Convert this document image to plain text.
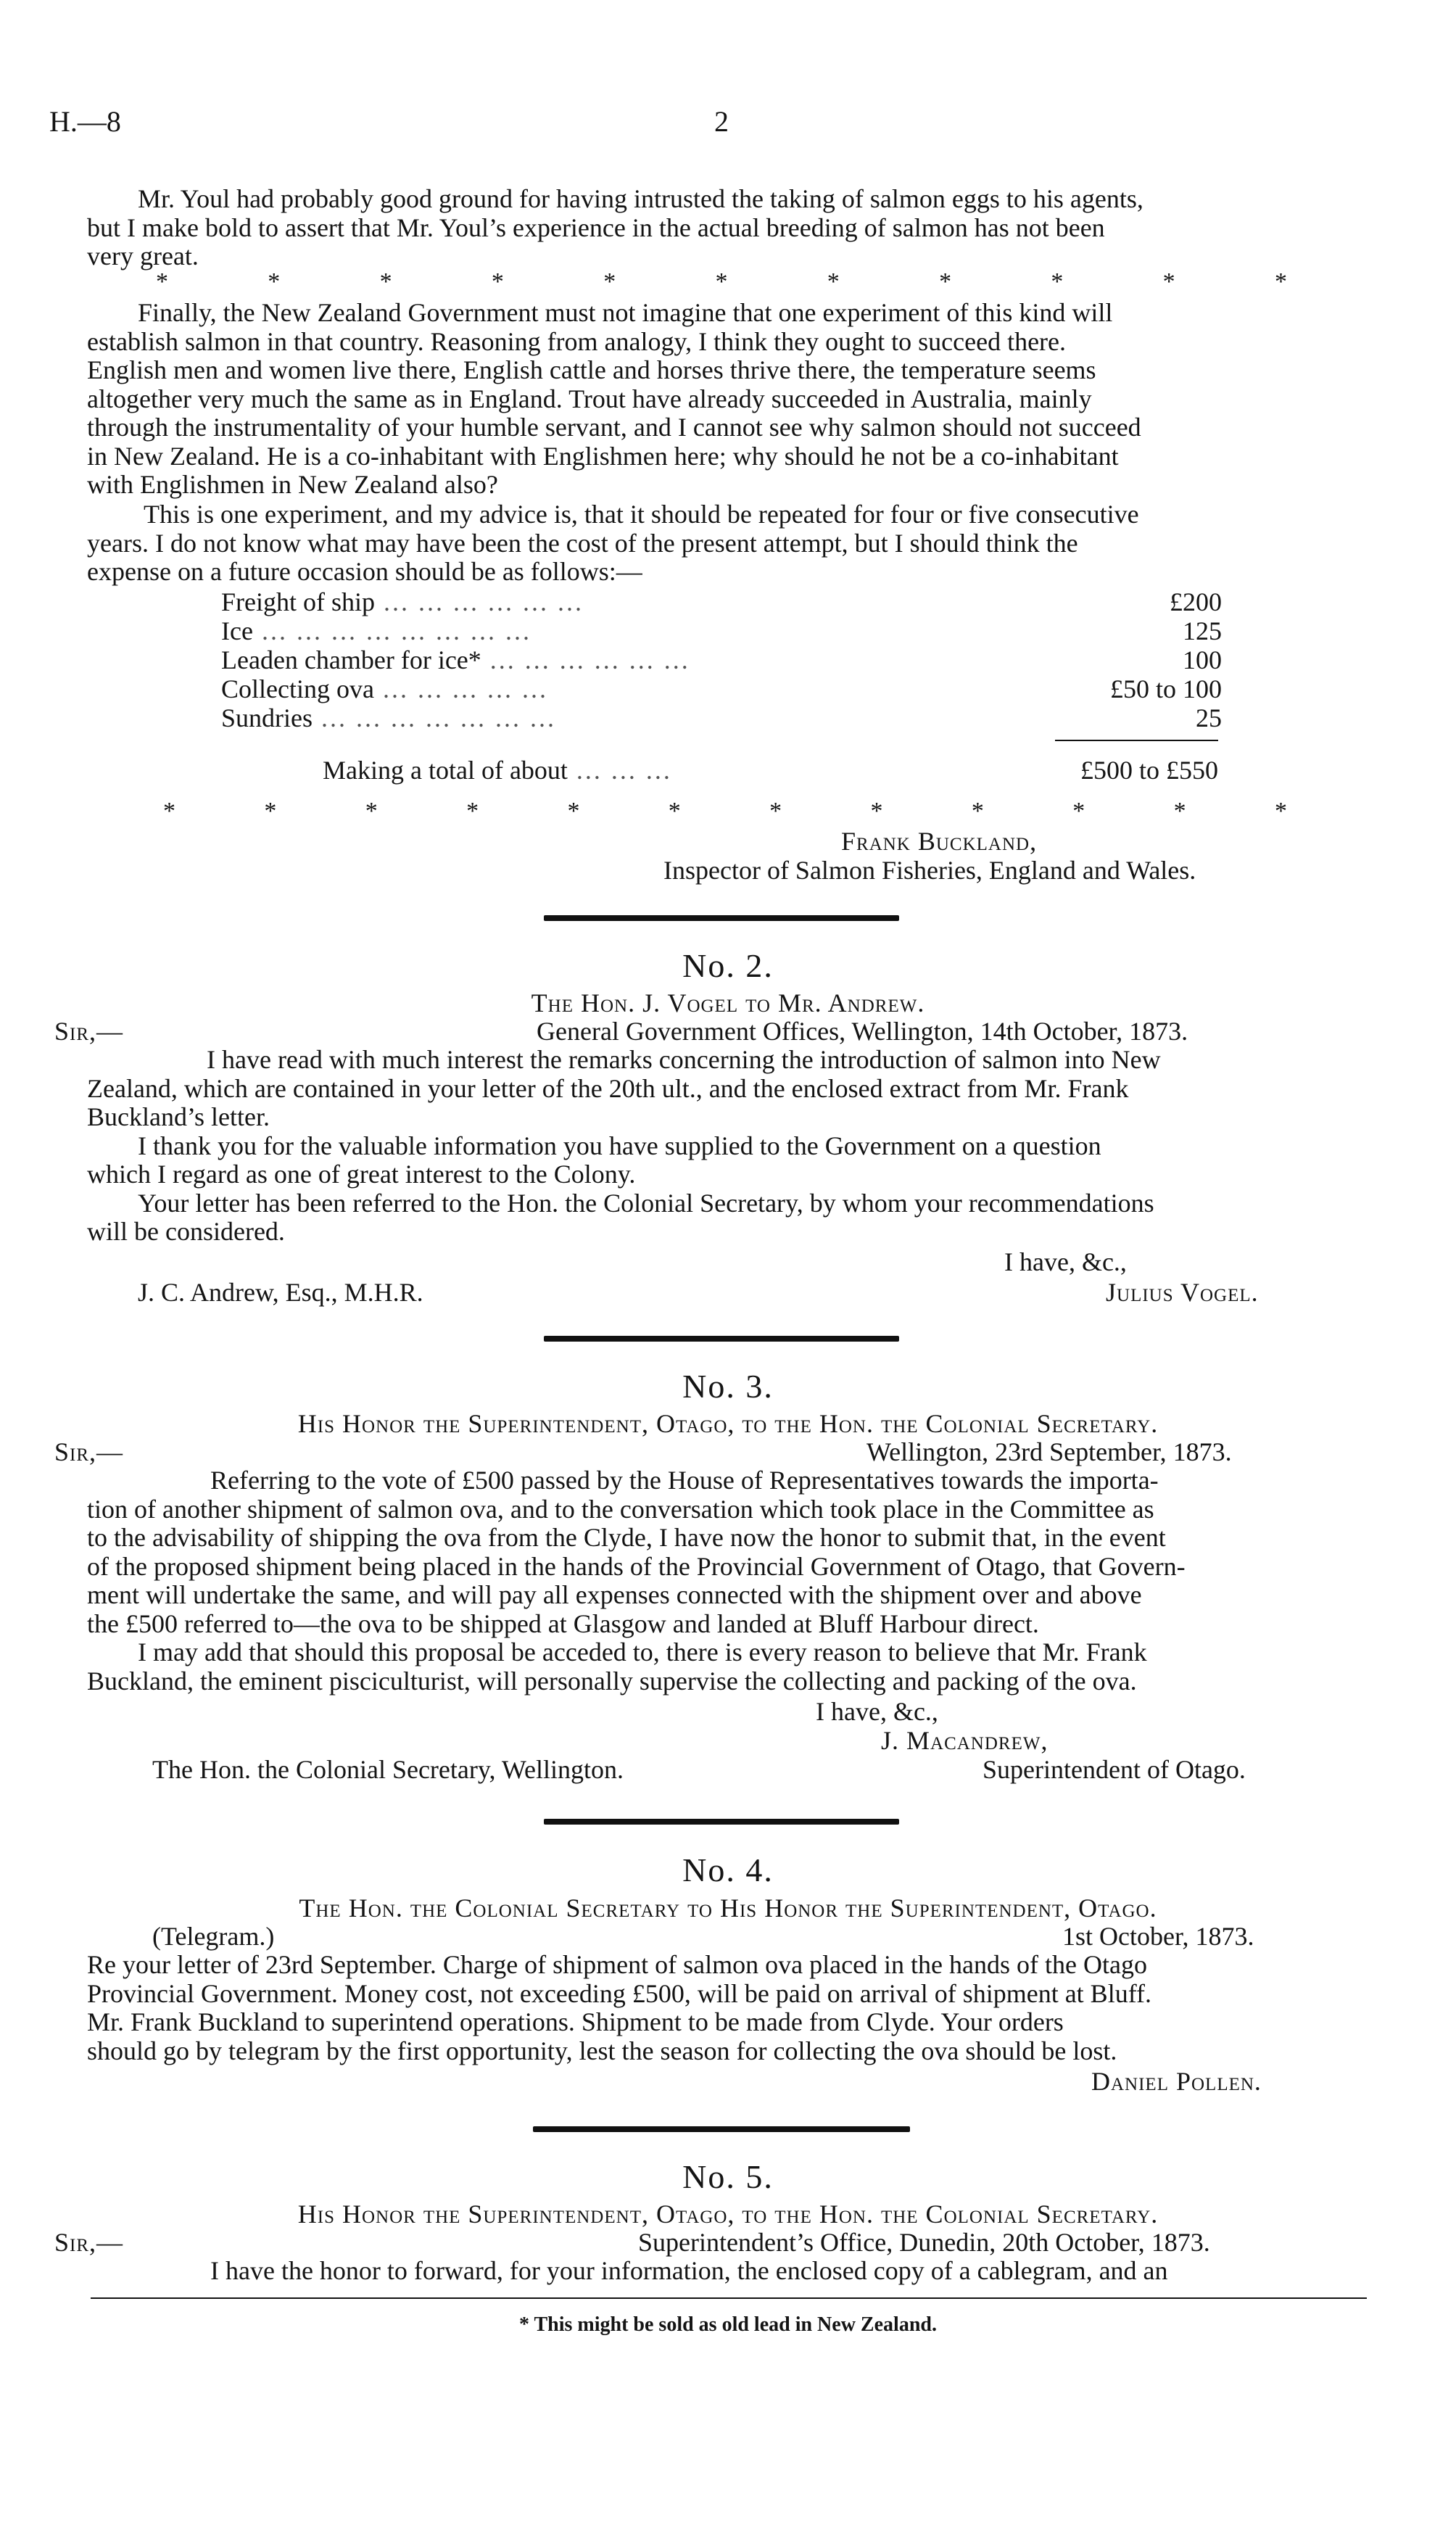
H.—8	2
Mr. Youl had probably good ground for having intrusted the taking of salmon eggs to his agents,
but I make bold to assert that Mr. Youl’s experience in the actual breeding of salmon has not been
very great.
*	*	*	*	*	*	*	*	*	*	*
Finally, the New Zealand Government must not imagine that one experiment of this kind will
establish salmon in that country. Reasoning from analogy, I think they ought to succeed there.
English men and women live there, English cattle and horses thrive there, the temperature seems
altogether very much the same as in England. Trout have already succeeded in Australia, mainly
through the instrumentality of your humble servant, and I cannot see why salmon should not succeed
in New Zealand. He is a co-inhabitant with Englishmen here; why should he not be a co-inhabitant
with Englishmen in New Zealand also?
This is one experiment, and my advice is, that it should be repeated for four or five consecutive
years. I do not know what may have been the cost of the present attempt, but I should think the
expense on a future occasion should be as follows:—
Freight of ship ... ... ... ... ... ...	£200
Ice ... ... ... ... ... ... ... ...	125
Leaden chamber for ice* ... ... ... ... ... ...	100
Collecting ova ... ... ... ... ...	£50 to 100
Sundries ... ... ... ... ... ... ...	25
Making a total of about ... ... ...	£500 to £550
*	*	*	*	*	*	*	*	*	*	*	*
Frank Buckland,
Inspector of Salmon Fisheries, England and Wales.
No. 2.
The Hon. J. Vogel to Mr. Andrew.
Sir,—	General Government Offices, Wellington, 14th October, 1873.
I have read with much interest the remarks concerning the introduction of salmon into New
Zealand, which are contained in your letter of the 20th ult., and the enclosed extract from Mr. Frank
Buckland’s letter.
I thank you for the valuable information you have supplied to the Government on a question
which I regard as one of great interest to the Colony.
Your letter has been referred to the Hon. the Colonial Secretary, by whom your recommendations
will be considered.
I have, &c.,
J. C. Andrew, Esq., M.H.R.	Julius Vogel.
No. 3.
His Honor the Superintendent, Otago, to the Hon. the Colonial Secretary.
Sir,—	Wellington, 23rd September, 1873.
Referring to the vote of £500 passed by the House of Representatives towards the importa-
tion of another shipment of salmon ova, and to the conversation which took place in the Committee as
to the advisability of shipping the ova from the Clyde, I have now the honor to submit that, in the event
of the proposed shipment being placed in the hands of the Provincial Government of Otago, that Govern-
ment will undertake the same, and will pay all expenses connected with the shipment over and above
the £500 referred to—the ova to be shipped at Glasgow and landed at Bluff Harbour direct.
I may add that should this proposal be acceded to, there is every reason to believe that Mr. Frank
Buckland, the eminent pisciculturist, will personally supervise the collecting and packing of the ova.
I have, &c.,
J. Macandrew,
The Hon. the Colonial Secretary, Wellington.	Superintendent of Otago.
No. 4.
The Hon. the Colonial Secretary to His Honor the Superintendent, Otago.
(Telegram.)	1st October, 1873.
Re your letter of 23rd September. Charge of shipment of salmon ova placed in the hands of the Otago
Provincial Government. Money cost, not exceeding £500, will be paid on arrival of shipment at Bluff.
Mr. Frank Buckland to superintend operations. Shipment to be made from Clyde. Your orders
should go by telegram by the first opportunity, lest the season for collecting the ova should be lost.
Daniel Pollen.
No. 5.
His Honor the Superintendent, Otago, to the Hon. the Colonial Secretary.
Sir,—	Superintendent’s Office, Dunedin, 20th October, 1873.
I have the honor to forward, for your information, the enclosed copy of a cablegram, and an
* This might be sold as old lead in New Zealand.
